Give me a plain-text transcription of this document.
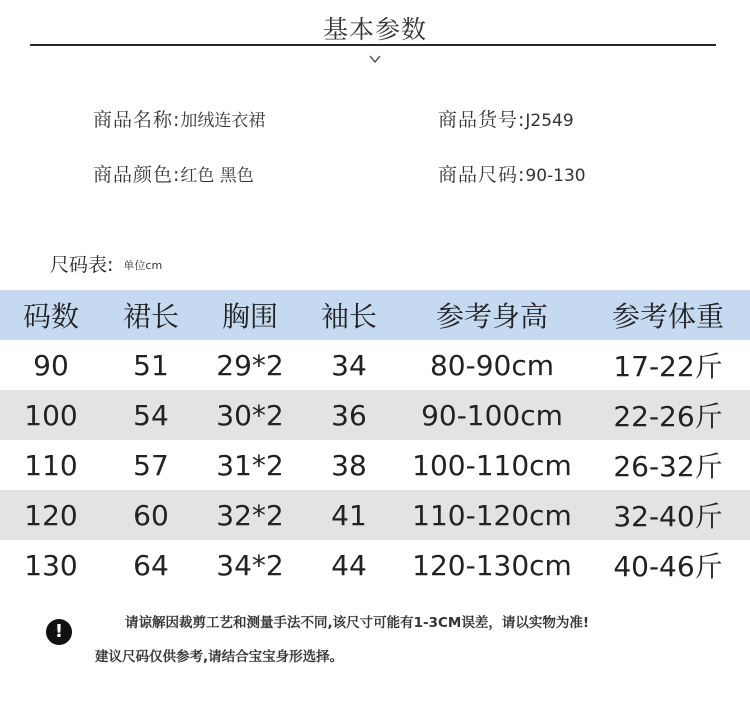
基本参数
商品名称:加绒连衣裙	商品货号:J2549
商品颜色:红色 黑色	商品尺码:90-130
尺码表: 单位cm
码数	裙长	胸围	袖长	参考身高	参考体重
90	51	29*2	34	80-90cm	17-22斤
100	54	30*2	36	90-100cm	22-26斤
110	57	31*2	38	100-110cm	26-32斤
120	60	32*2	41	110-120cm	32-40斤
130	64	34*2	44	120-130cm	40-46斤
!	请谅解因裁剪工艺和测量手法不同,该尺寸可能有1-3CM误差，请以实物为准!
建议尺码仅供参考,请结合宝宝身形选择。
